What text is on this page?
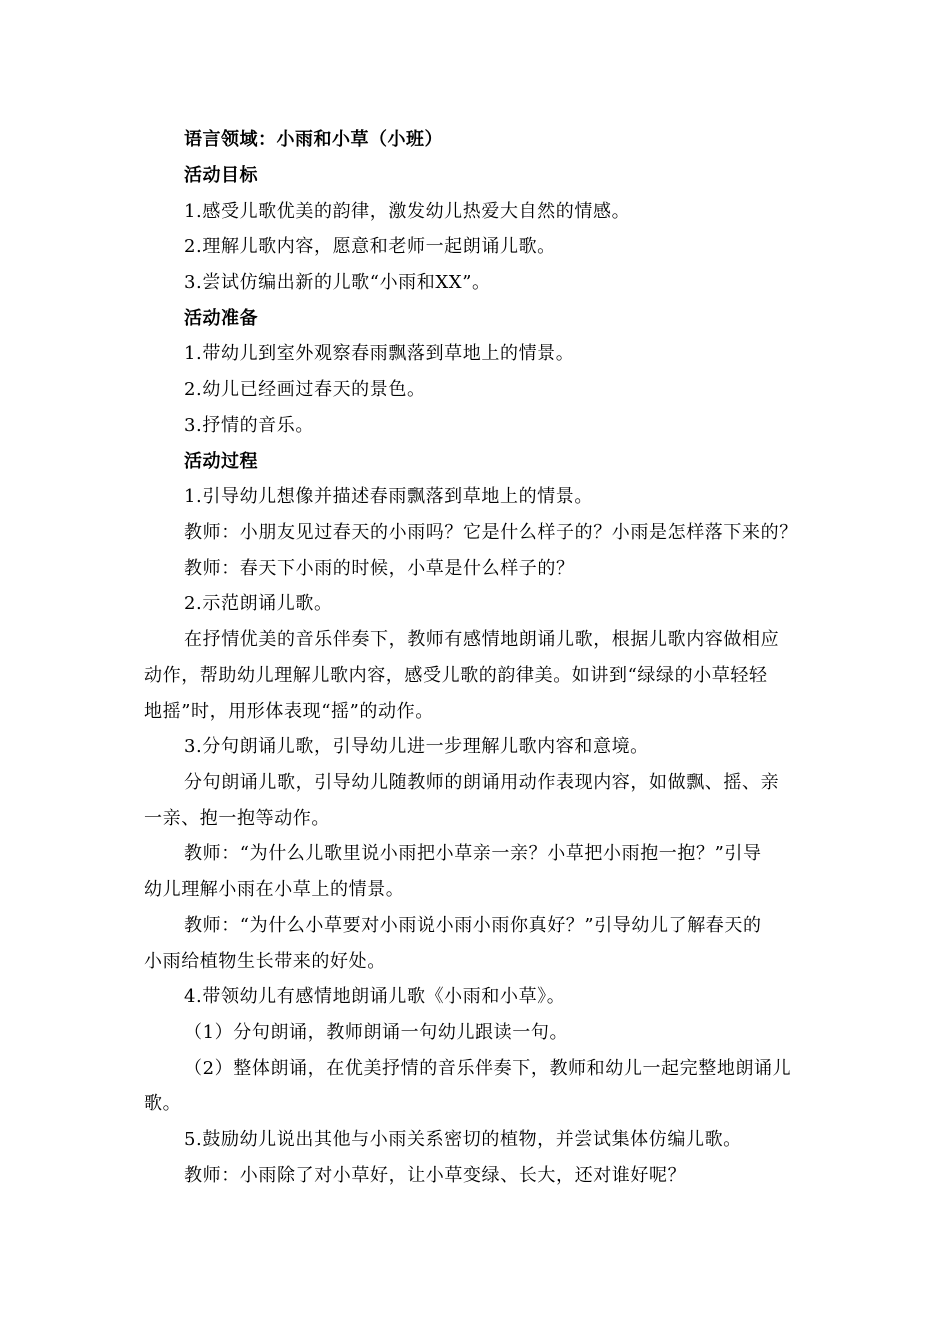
语言领域：小雨和小草（小班）
活动目标
1.感受儿歌优美的韵律，激发幼儿热爱大自然的情感。
2.理解儿歌内容，愿意和老师一起朗诵儿歌。
3.尝试仿编出新的儿歌“小雨和XX”。
活动准备
1.带幼儿到室外观察春雨飘落到草地上的情景。
2.幼儿已经画过春天的景色。
3.抒情的音乐。
活动过程
1.引导幼儿想像并描述春雨飘落到草地上的情景。
教师：小朋友见过春天的小雨吗？它是什么样子的？小雨是怎样落下来的？
教师：春天下小雨的时候，小草是什么样子的？
2.示范朗诵儿歌。
在抒情优美的音乐伴奏下，教师有感情地朗诵儿歌，根据儿歌内容做相应
动作，帮助幼儿理解儿歌内容，感受儿歌的韵律美。如讲到“绿绿的小草轻轻
地摇”时，用形体表现“摇”的动作。
3.分句朗诵儿歌，引导幼儿进一步理解儿歌内容和意境。
分句朗诵儿歌，引导幼儿随教师的朗诵用动作表现内容，如做飘、摇、亲
一亲、抱一抱等动作。
教师：“为什么儿歌里说小雨把小草亲一亲？小草把小雨抱一抱？”引导
幼儿理解小雨在小草上的情景。
教师：“为什么小草要对小雨说小雨小雨你真好？”引导幼儿了解春天的
小雨给植物生长带来的好处。
4.带领幼儿有感情地朗诵儿歌《小雨和小草》。
（1）分句朗诵，教师朗诵一句幼儿跟读一句。
（2）整体朗诵，在优美抒情的音乐伴奏下，教师和幼儿一起完整地朗诵儿
歌。
5.鼓励幼儿说出其他与小雨关系密切的植物，并尝试集体仿编儿歌。
教师：小雨除了对小草好，让小草变绿、长大，还对谁好呢？
